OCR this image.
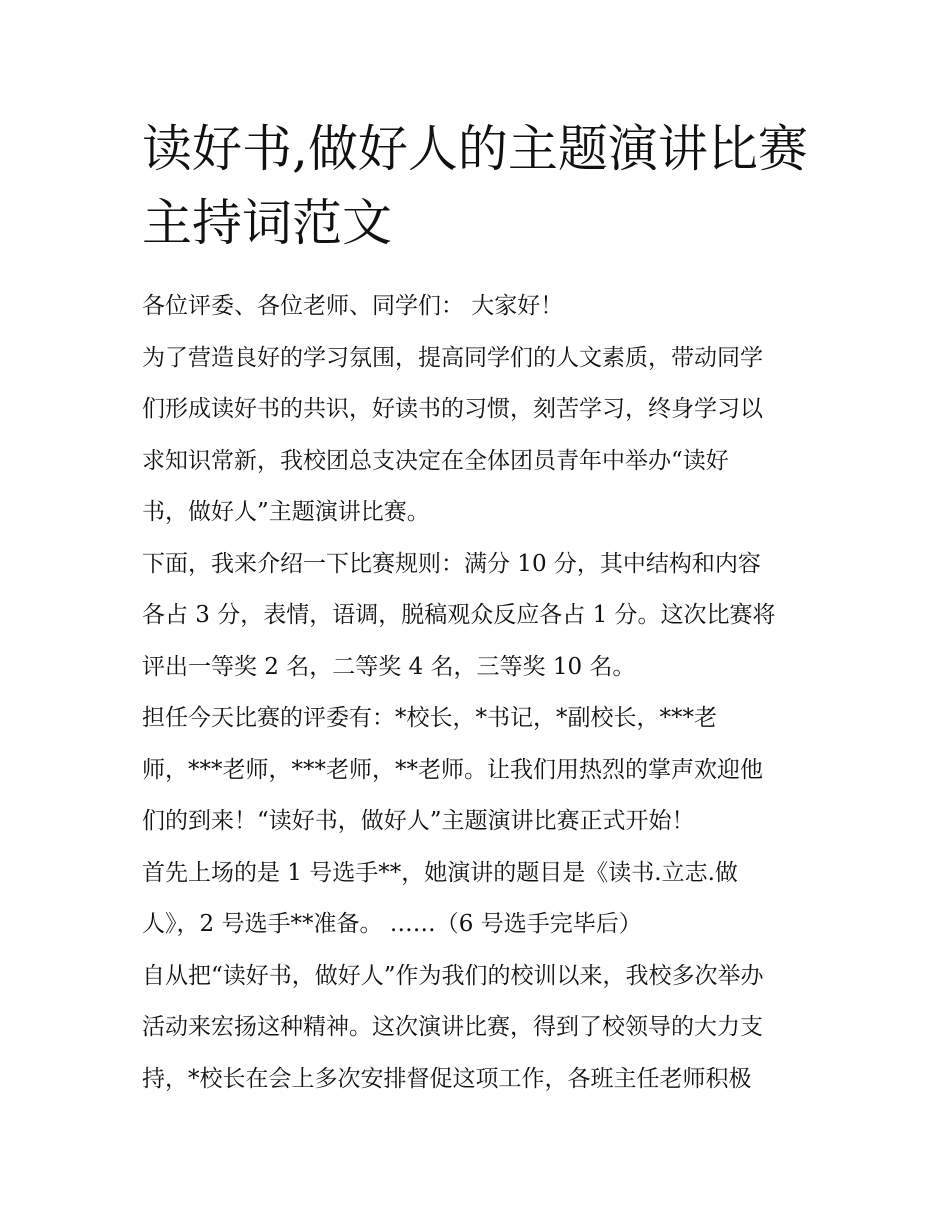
读好书,做好人的主题演讲比赛
主持词范文

各位评委、各位老师、同学们： 大家好！

为了营造良好的学习氛围，提高同学们的人文素质，带动同学
们形成读好书的共识，好读书的习惯，刻苦学习，终身学习以
求知识常新，我校团总支决定在全体团员青年中举办“读好
书，做好人”主题演讲比赛。

下面，我来介绍一下比赛规则：满分 10 分，其中结构和内容
各占 3 分，表情，语调，脱稿观众反应各占 1 分。这次比赛将
评出一等奖 2 名，二等奖 4 名，三等奖 10 名。

担任今天比赛的评委有：*校长，*书记，*副校长，***老
师，***老师，***老师，**老师。让我们用热烈的掌声欢迎他
们的到来！“读好书，做好人”主题演讲比赛正式开始！

首先上场的是 1 号选手**，她演讲的题目是《读书.立志.做
人》，2 号选手**准备。 ……（6 号选手完毕后）

自从把“读好书，做好人”作为我们的校训以来，我校多次举办
活动来宏扬这种精神。这次演讲比赛，得到了校领导的大力支
持，*校长在会上多次安排督促这项工作，各班主任老师积极
